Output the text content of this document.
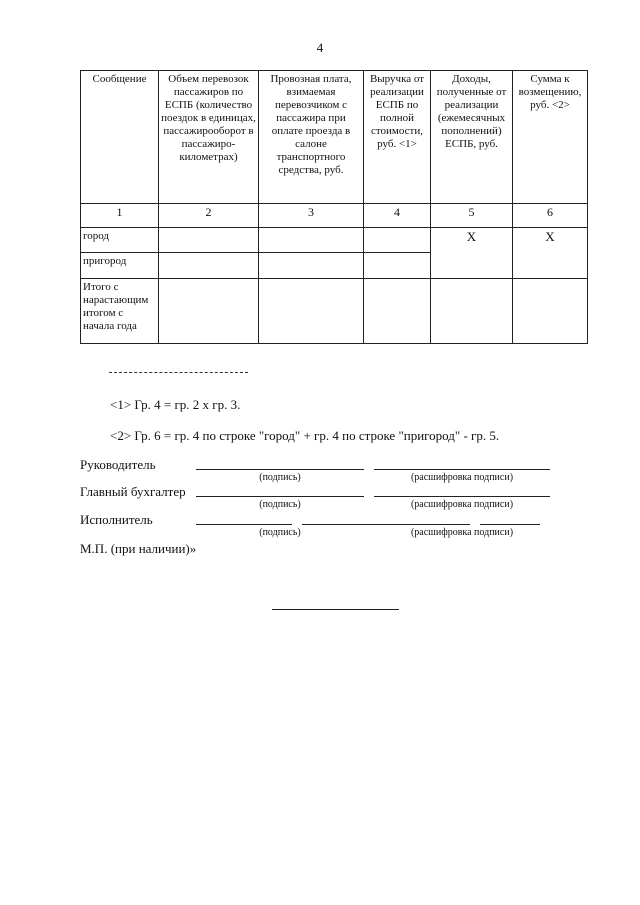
4
Сообщение	Объем перевозок пассажиров по ЕСПБ (количество поездок в единицах, пассажирооборот в пассажиро-километрах)	Провозная плата, взимаемая перевозчиком с пассажира при оплате проезда в салоне транспортного средства, руб.	Выручка от реализации ЕСПБ по полной стоимости, руб. <1>	Доходы, полученные от реализации (ежемесячных пополнений) ЕСПБ, руб.	Сумма к возмещению, руб. <2>
1	2	3	4	5	6
город				X	X
пригород					
Итого с нарастающим итогом с начала года					
<1> Гр. 4 = гр. 2 х гр. 3.
<2> Гр. 6 = гр. 4 по строке "город" + гр. 4 по строке "пригород" - гр. 5.
Руководитель
(подпись)	(расшифровка подписи)
Главный бухгалтер
(подпись)	(расшифровка подписи)
Исполнитель
(подпись)	(расшифровка подписи)
М.П. (при наличии)»
